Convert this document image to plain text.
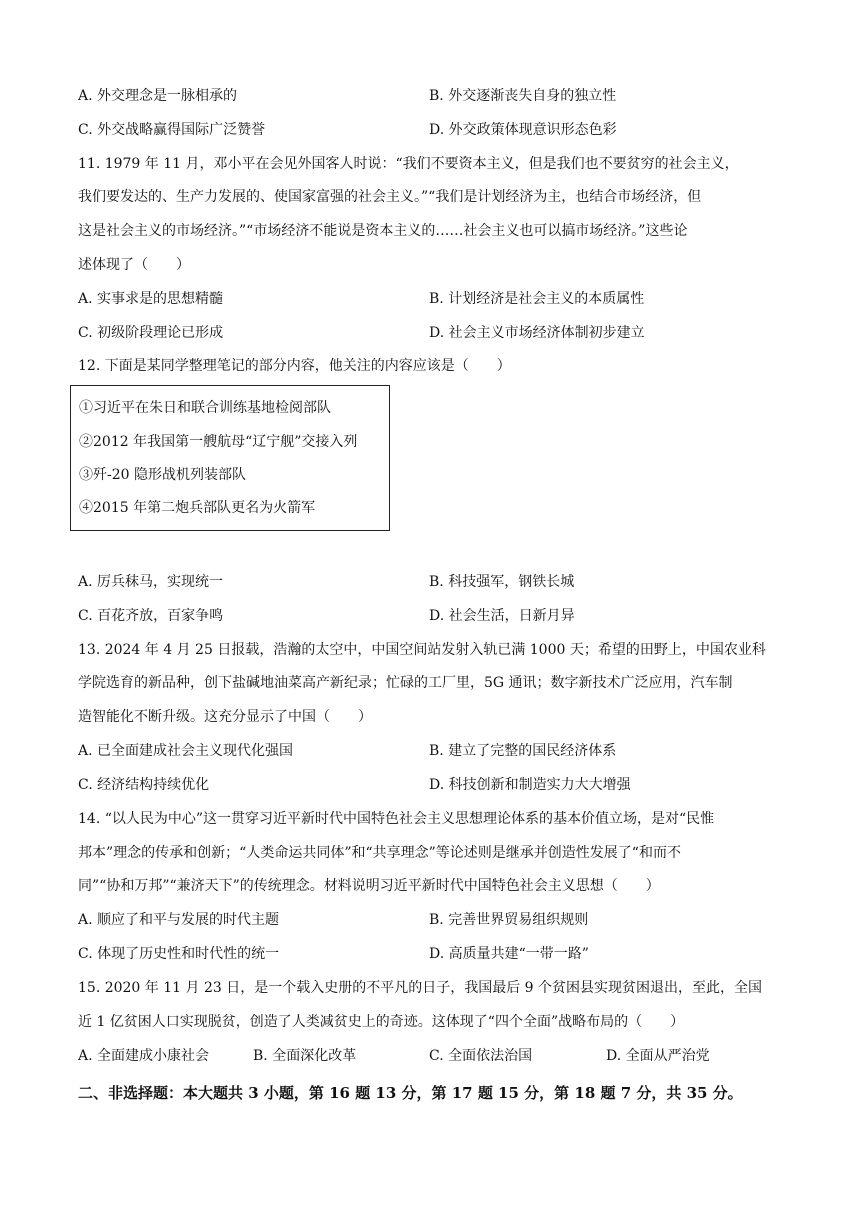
A. 外交理念是一脉相承的	B. 外交逐渐丧失自身的独立性
C. 外交战略赢得国际广泛赞誉	D. 外交政策体现意识形态色彩
11. 1979 年 11 月，邓小平在会见外国客人时说：“我们不要资本主义，但是我们也不要贫穷的社会主义，
我们要发达的、生产力发展的、使国家富强的社会主义。”“我们是计划经济为主，也结合市场经济，但
这是社会主义的市场经济。”“市场经济不能说是资本主义的……社会主义也可以搞市场经济。”这些论
述体现了（　　）
A. 实事求是的思想精髓	B. 计划经济是社会主义的本质属性
C. 初级阶段理论已形成	D. 社会主义市场经济体制初步建立
12. 下面是某同学整理笔记的部分内容，他关注的内容应该是（　　）
①习近平在朱日和联合训练基地检阅部队
②2012 年我国第一艘航母“辽宁舰”交接入列
③歼-20 隐形战机列装部队
④2015 年第二炮兵部队更名为火箭军
A. 厉兵秣马，实现统一	B. 科技强军，钢铁长城
C. 百花齐放，百家争鸣	D. 社会生活，日新月异
13. 2024 年 4 月 25 日报载，浩瀚的太空中，中国空间站发射入轨已满 1000 天；希望的田野上，中国农业科
学院选育的新品种，创下盐碱地油菜高产新纪录；忙碌的工厂里，5G 通讯；数字新技术广泛应用，汽车制
造智能化不断升级。这充分显示了中国（　　）
A. 已全面建成社会主义现代化强国	B. 建立了完整的国民经济体系
C. 经济结构持续优化	D. 科技创新和制造实力大大增强
14. “以人民为中心”这一贯穿习近平新时代中国特色社会主义思想理论体系的基本价值立场，是对“民惟
邦本”理念的传承和创新；“人类命运共同体”和“共享理念”等论述则是继承并创造性发展了“和而不
同”“协和万邦”“兼济天下”的传统理念。材料说明习近平新时代中国特色社会主义思想（　　）
A. 顺应了和平与发展的时代主题	B. 完善世界贸易组织规则
C. 体现了历史性和时代性的统一	D. 高质量共建“一带一路”
15. 2020 年 11 月 23 日，是一个载入史册的不平凡的日子，我国最后 9 个贫困县实现贫困退出，至此，全国
近 1 亿贫困人口实现脱贫，创造了人类减贫史上的奇迹。这体现了“四个全面”战略布局的（　　）
A. 全面建成小康社会	B. 全面深化改革	C. 全面依法治国	D. 全面从严治党
二、非选择题：本大题共 3 小题，第 16 题 13 分，第 17 题 15 分，第 18 题 7 分，共 35 分。
